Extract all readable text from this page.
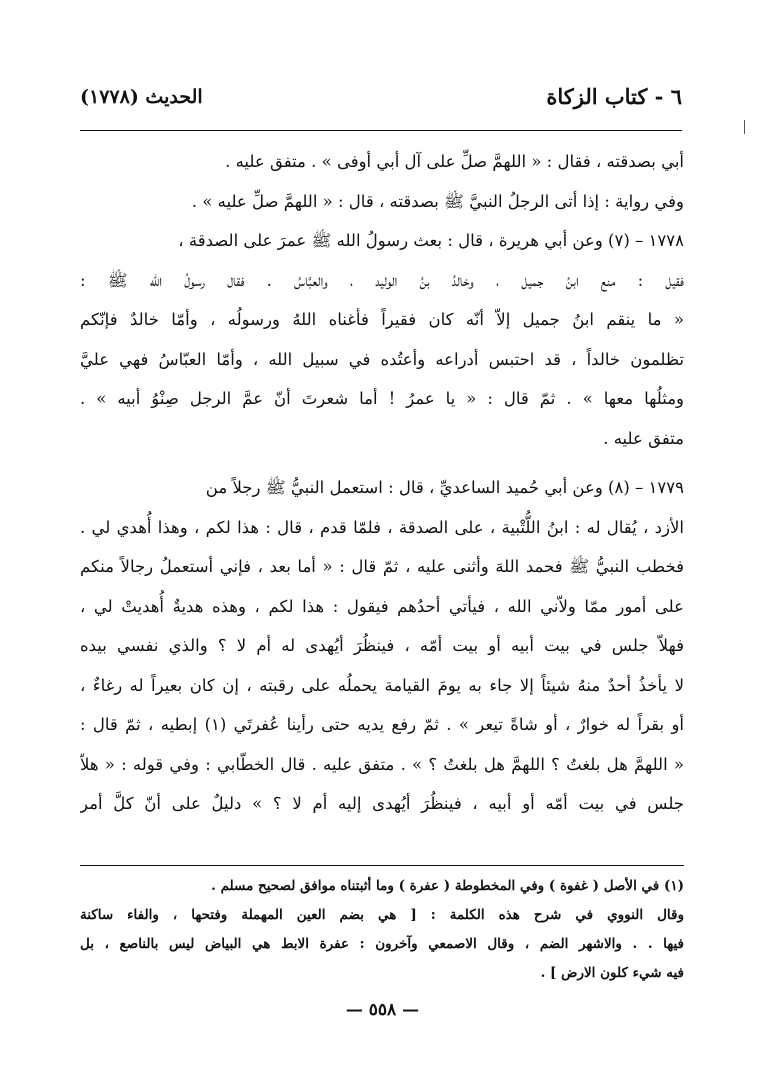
٦ - كتاب الزكاة
الحديث (١٧٧٨)
أبي بصدقته ، فقال : « اللهمَّ صلِّ على آل أبي أوفى » . متفق عليه .
وفي رواية : إذا أتى الرجلُ النبيَّ ﷺ بصدقته ، قال : « اللهمَّ صلِّ عليه » .
١٧٧٨ – (٧) وعن أبي هريرة ، قال : بعث رسولُ الله ﷺ عمرَ على الصدقة ،
فقيل : منع ابنُ جميل ، وخالدُ بنُ الوليد ، والعبَّاسُ . فقال رسولُ الله ﷺ :
« ما ينقم ابنُ جميل إلاّ أنّه كان فقيراً فأغناه اللهُ ورسولُه ، وأمّا خالدٌ فإنّكم
تظلمون خالداً ، قد احتبس أدراعه وأعتُده في سبيل الله ، وأمّا العبّاسُ فهي عليَّ
ومثلُها معها » . ثمّ قال : « يا عمرُ ! أما شعرتَ أنّ عمَّ الرجل صِنْوُ أبيه » .
متفق عليه .
١٧٧٩ – (٨) وعن أبي حُميد الساعديِّ ، قال : استعمل النبيُّ ﷺ رجلاً من
الأزد ، يُقال له : ابنُ اللُّتْبية ، على الصدقة ، فلمّا قدم ، قال : هذا لكم ، وهذا أُهدي لي .
فخطب النبيُّ ﷺ فحمد اللهَ وأثنى عليه ، ثمّ قال : « أما بعد ، فإني أستعملُ رجالاً منكم
على أمور ممّا ولاّني الله ، فيأتي أحدُهم فيقول : هذا لكم ، وهذه هديةٌ أُهديتْ لي ،
فهلاّ جلس في بيت أبيه أو بيت أمّه ، فينظُرَ أيُهدى له أم لا ؟ والذي نفسي بيده
لا يأخذُ أحدٌ منهُ شيئاً إلا جاء به يومَ القيامة يحملُه على رقبته ، إن كان بعيراً له رغاءٌ ،
أو بقراً له خوارٌ ، أو شاةً تيعر » . ثمّ رفع يديه حتى رأينا عُفرتَي (١) إبطيه ، ثمّ قال :
« اللهمَّ هل بلغتُ ؟ اللهمَّ هل بلغتُ ؟ » . متفق عليه . قال الخطّابي : وفي قوله : « هلاّ
جلس في بيت أمّه أو أبيه ، فينظُرَ أيُهدى إليه أم لا ؟ » دليلٌ على أنّ كلَّ أمر
(١) في الأصل ( غفوة ) وفي المخطوطة ( عفرة ) وما أثبتناه موافق لصحيح مسلم .
وقال النووي في شرح هذه الكلمة : [ هي بضم العين المهملة وفتحها ، والفاء ساكنة
فيها . . والاشهر الضم ، وقال الاصمعي وآخرون : عفرة الابط هي البياض ليس بالناصع ، بل
فيه شيء كلون الارض ] .
— ٥٥٨ —
